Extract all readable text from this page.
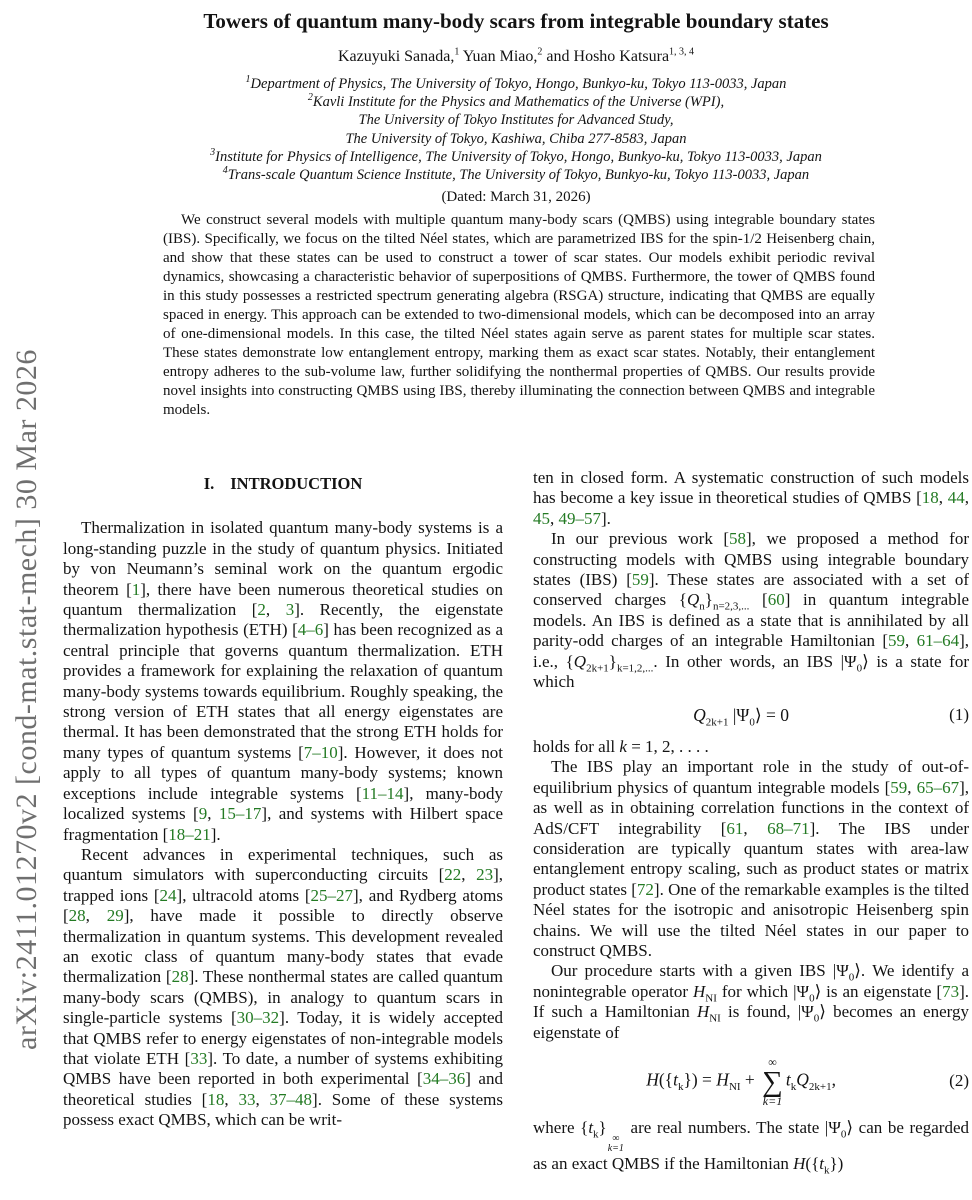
arXiv:2411.01270v2 [cond-mat.stat-mech] 30 Mar 2026
Towers of quantum many-body scars from integrable boundary states
Kazuyuki Sanada,$^1$ Yuan Miao,$^2$ and Hosho Katsura$^{1, 3, 4}$
$^1$Department of Physics, The University of Tokyo, Hongo, Bunkyo-ku, Tokyo 113-0033, Japan
$^2$Kavli Institute for the Physics and Mathematics of the Universe (WPI),
The University of Tokyo Institutes for Advanced Study,
The University of Tokyo, Kashiwa, Chiba 277-8583, Japan
$^3$Institute for Physics of Intelligence, The University of Tokyo, Hongo, Bunkyo-ku, Tokyo 113-0033, Japan
$^4$Trans-scale Quantum Science Institute, The University of Tokyo, Bunkyo-ku, Tokyo 113-0033, Japan
(Dated: March 31, 2026)
We construct several models with multiple quantum many-body scars (QMBS) using integrable boundary states (IBS). Specifically, we focus on the tilted Néel states, which are parametrized IBS for the spin-1/2 Heisenberg chain, and show that these states can be used to construct a tower of scar states. Our models exhibit periodic revival dynamics, showcasing a characteristic behavior of superpositions of QMBS. Furthermore, the tower of QMBS found in this study possesses a restricted spectrum generating algebra (RSGA) structure, indicating that QMBS are equally spaced in energy. This approach can be extended to two-dimensional models, which can be decomposed into an array of one-dimensional models. In this case, the tilted Néel states again serve as parent states for multiple scar states. These states demonstrate low entanglement entropy, marking them as exact scar states. Notably, their entanglement entropy adheres to the sub-volume law, further solidifying the nonthermal properties of QMBS. Our results provide novel insights into constructing QMBS using IBS, thereby illuminating the connection between QMBS and integrable models.
I. INTRODUCTION

Thermalization in isolated quantum many-body systems is a long-standing puzzle in the study of quantum physics. Initiated by von Neumann’s seminal work on the quantum ergodic theorem [1], there have been numerous theoretical studies on quantum thermalization [2, 3]. Recently, the eigenstate thermalization hypothesis (ETH) [4–6] has been recognized as a central principle that governs quantum thermalization. ETH provides a framework for explaining the relaxation of quantum many-body systems towards equilibrium. Roughly speaking, the strong version of ETH states that all energy eigenstates are thermal. It has been demonstrated that the strong ETH holds for many types of quantum systems [7–10]. However, it does not apply to all types of quantum many-body systems; known exceptions include integrable systems [11–14], many-body localized systems [9, 15–17], and systems with Hilbert space fragmentation [18–21].

Recent advances in experimental techniques, such as quantum simulators with superconducting circuits [22, 23], trapped ions [24], ultracold atoms [25–27], and Rydberg atoms [28, 29], have made it possible to directly observe thermalization in quantum systems. This development revealed an exotic class of quantum many-body states that evade thermalization [28]. These nonthermal states are called quantum many-body scars (QMBS), in analogy to quantum scars in single-particle systems [30–32]. Today, it is widely accepted that QMBS refer to energy eigenstates of non-integrable models that violate ETH [33]. To date, a number of systems exhibiting QMBS have been reported in both experimental [34–36] and theoretical studies [18, 33, 37–48]. Some of these systems possess exact QMBS, which can be writ-

ten in closed form. A systematic construction of such models has become a key issue in theoretical studies of QMBS [18, 44, 45, 49–57].

In our previous work [58], we proposed a method for constructing models with QMBS using integrable boundary states (IBS) [59]. These states are associated with a set of conserved charges $\{Q_n\}_{n=2,3,...}$ [60] in quantum integrable models. An IBS is defined as a state that is annihilated by all parity-odd charges of an integrable Hamiltonian [59, 61–64], i.e., $\{Q_{2k+1}\}_{k=1,2,...}$. In other words, an IBS $|\Psi_0⟩$ is a state for which

$Q_{2k+1}$ $|\Psi_0⟩ = 0$	(1)

holds for all k = 1, 2, . . . .

The IBS play an important role in the study of out-of-equilibrium physics of quantum integrable models [59, 65–67], as well as in obtaining correlation functions in the context of AdS/CFT integrability [61, 68–71]. The IBS under consideration are typically quantum states with area-law entanglement entropy scaling, such as product states or matrix product states [72]. One of the remarkable examples is the tilted Néel states for the isotropic and anisotropic Heisenberg spin chains. We will use the tilted Néel states in our paper to construct QMBS.

Our procedure starts with a given IBS $|\Psi_0⟩$. We identify a nonintegrable operator $H_{NI}$ for which $|\Psi_0⟩$ is an eigenstate [73]. If such a Hamiltonian $H_{NI}$ is found, $|\Psi_0⟩$ becomes an energy eigenstate of

$H(\{t_k\}) = H_{NI}$ +
∞
∑
k=1
$t_kQ_{2k+1}$,	(2)

where $\{t_k\}$
∞
k=1
are real numbers. The state $|\Psi_0⟩$ can be regarded as an exact QMBS if the Hamiltonian $H(\{t_k\})$
